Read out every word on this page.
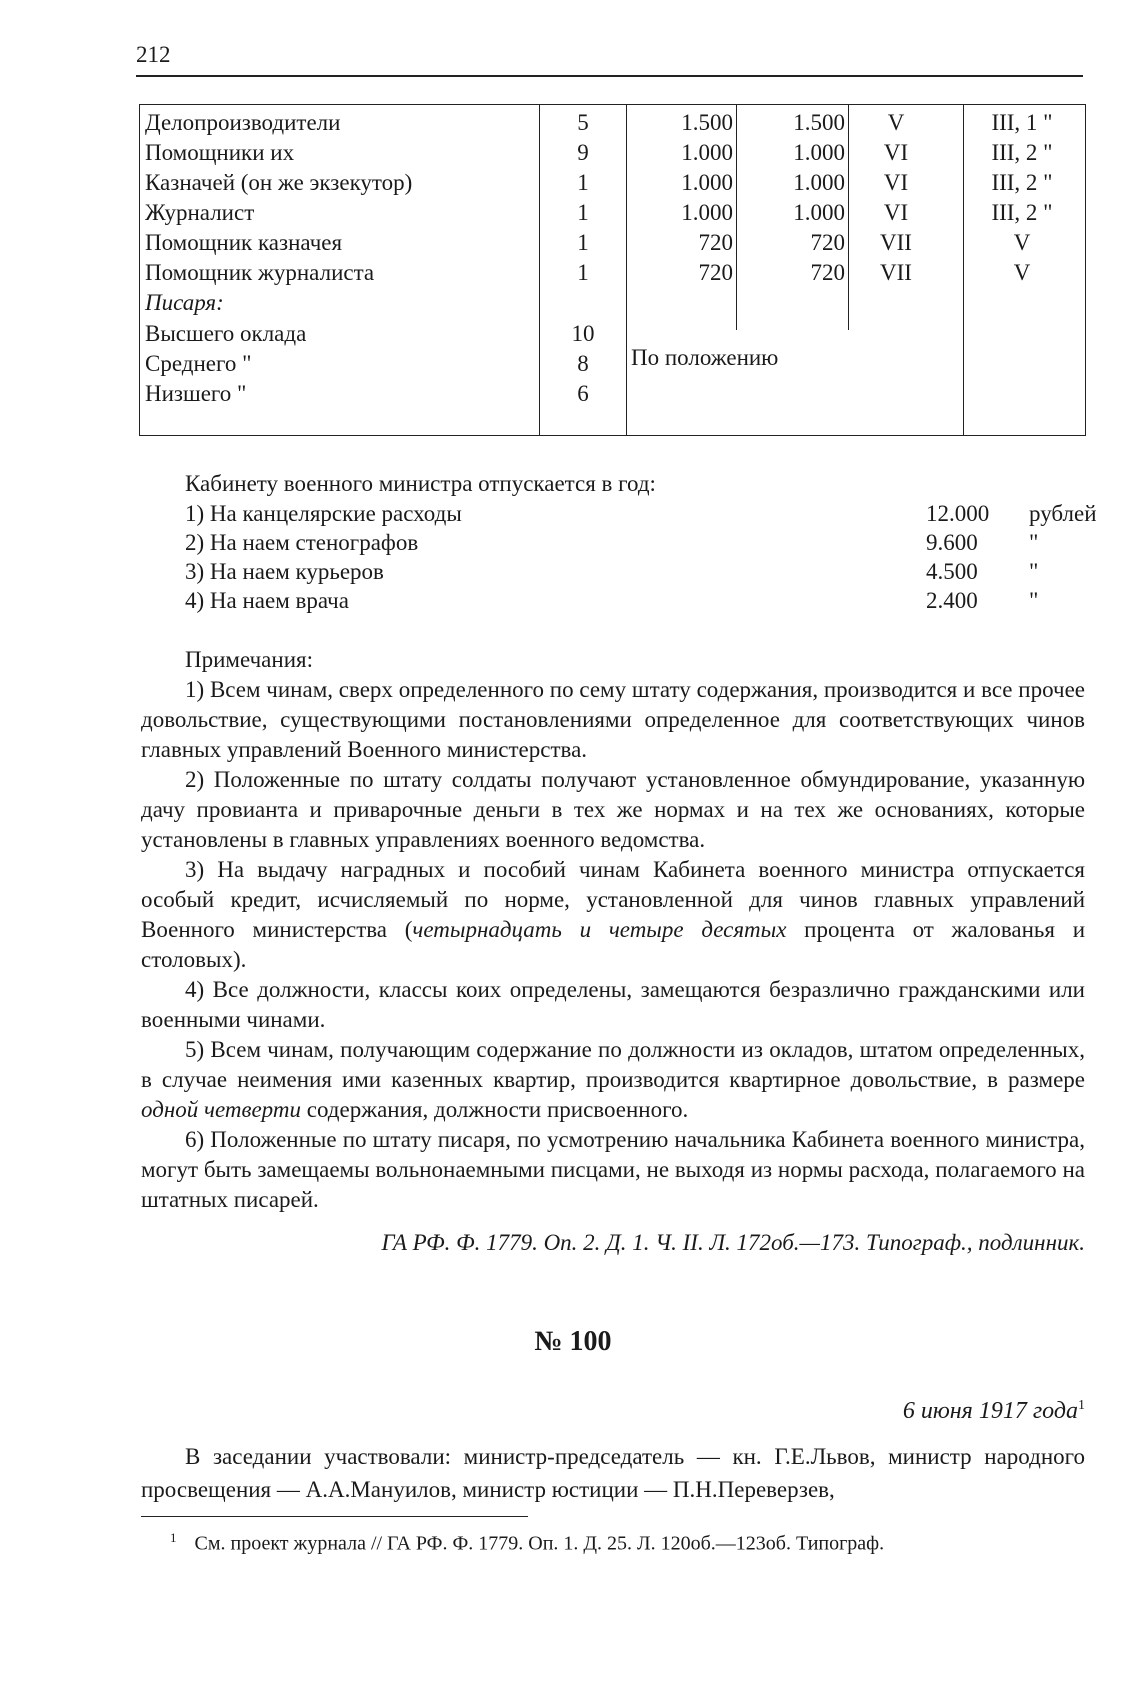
212
Делопроизводители	5	1.500	1.500	V	III, 1 "
Помощники их	9	1.000	1.000	VI	III, 2 "
Казначей (он же экзекутор)	1	1.000	1.000	VI	III, 2 "
Журналист	1	1.000	1.000	VI	III, 2 "
Помощник казначея	1	720	720	VII	V
Помощник журналиста	1	720	720	VII	V
Писаря:
Высшего оклада	10
Среднего "	8
Низшего "	6
По положению
Кабинету военного министра отпускается в год:
1) На канцелярские расходы	12.000 рублей
2) На наем стенографов	9.600 "
3) На наем курьеров	4.500 "
4) На наем врача	2.400 "
Примечания:
1) Всем чинам, сверх определенного по сему штату содержания, производится и все прочее довольствие, существующими постановлениями определенное для соответствующих чинов главных управлений Военного министерства.
2) Положенные по штату солдаты получают установленное обмундирование, указанную дачу провианта и приварочные деньги в тех же нормах и на тех же основаниях, которые установлены в главных управлениях военного ведомства.
3) На выдачу наградных и пособий чинам Кабинета военного министра отпускается особый кредит, исчисляемый по норме, установленной для чинов главных управлений Военного министерства (четырнадцать и четыре десятых процента от жалованья и столовых).
4) Все должности, классы коих определены, замещаются безразлично гражданскими или военными чинами.
5) Всем чинам, получающим содержание по должности из окладов, штатом определенных, в случае неимения ими казенных квартир, производится квартирное довольствие, в размере одной четверти содержания, должности присвоенного.
6) Положенные по штату писаря, по усмотрению начальника Кабинета военного министра, могут быть замещаемы вольнонаемными писцами, не выходя из нормы расхода, полагаемого на штатных писарей.
ГА РФ. Ф. 1779. Оп. 2. Д. 1. Ч. II. Л. 172об.—173. Типограф., подлинник.
№ 100
6 июня 1917 года$^1$
В заседании участвовали: министр-председатель — кн. Г.Е.Львов, министр народного просвещения — А.А.Мануилов, министр юстиции — П.Н.Переверзев,
$^1$ См. проект журнала // ГА РФ. Ф. 1779. Оп. 1. Д. 25. Л. 120об.—123об. Типограф.
